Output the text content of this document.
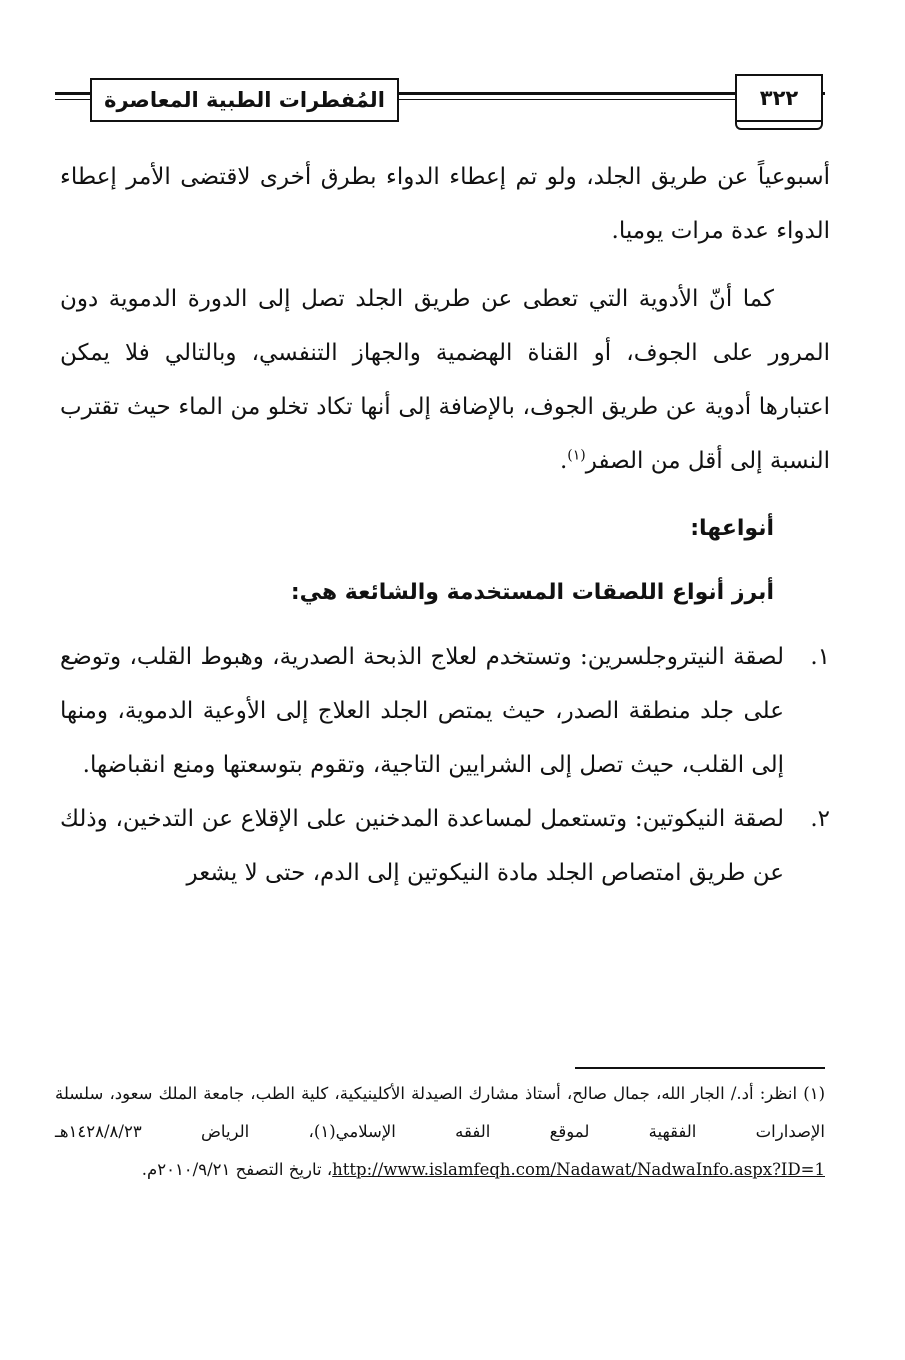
المُفطرات الطبية المعاصرة	٣٢٢

أسبوعياً عن طريق الجلد، ولو تم إعطاء الدواء بطرق أخرى لاقتضى الأمر إعطاء الدواء عدة مرات يوميا.

كما أنّ الأدوية التي تعطى عن طريق الجلد تصل إلى الدورة الدموية دون المرور على الجوف، أو القناة الهضمية والجهاز التنفسي، وبالتالي فلا يمكن اعتبارها أدوية عن طريق الجوف، بالإضافة إلى أنها تكاد تخلو من الماء حيث تقترب النسبة إلى أقل من الصفر$^{(١)}$.

أنواعها:

أبرز أنواع اللصقات المستخدمة والشائعة هي:

١.
لصقة النيتروجلسرين: وتستخدم لعلاج الذبحة الصدرية، وهبوط القلب، وتوضع على جلد منطقة الصدر، حيث يمتص الجلد العلاج إلى الأوعية الدموية، ومنها إلى القلب، حيث تصل إلى الشرايين التاجية، وتقوم بتوسعتها ومنع انقباضها.

٢.
لصقة النيكوتين: وتستعمل لمساعدة المدخنين على الإقلاع عن التدخين، وذلك عن طريق امتصاص الجلد مادة النيكوتين إلى الدم، حتى لا يشعر

(١) انظر: أد./ الجار الله، جمال صالح، أستاذ مشارك الصيدلة الأكلينيكية، كلية الطب، جامعة الملك سعود، سلسلة الإصدارات الفقهية لموقع الفقه الإسلامي(١)، الرياض ١٤٢٨/٨/٢٣هـ http://www.islamfeqh.com/Nadawat/NadwaInfo.aspx?ID=1، تاريخ التصفح ٢٠١٠/٩/٢١م.
